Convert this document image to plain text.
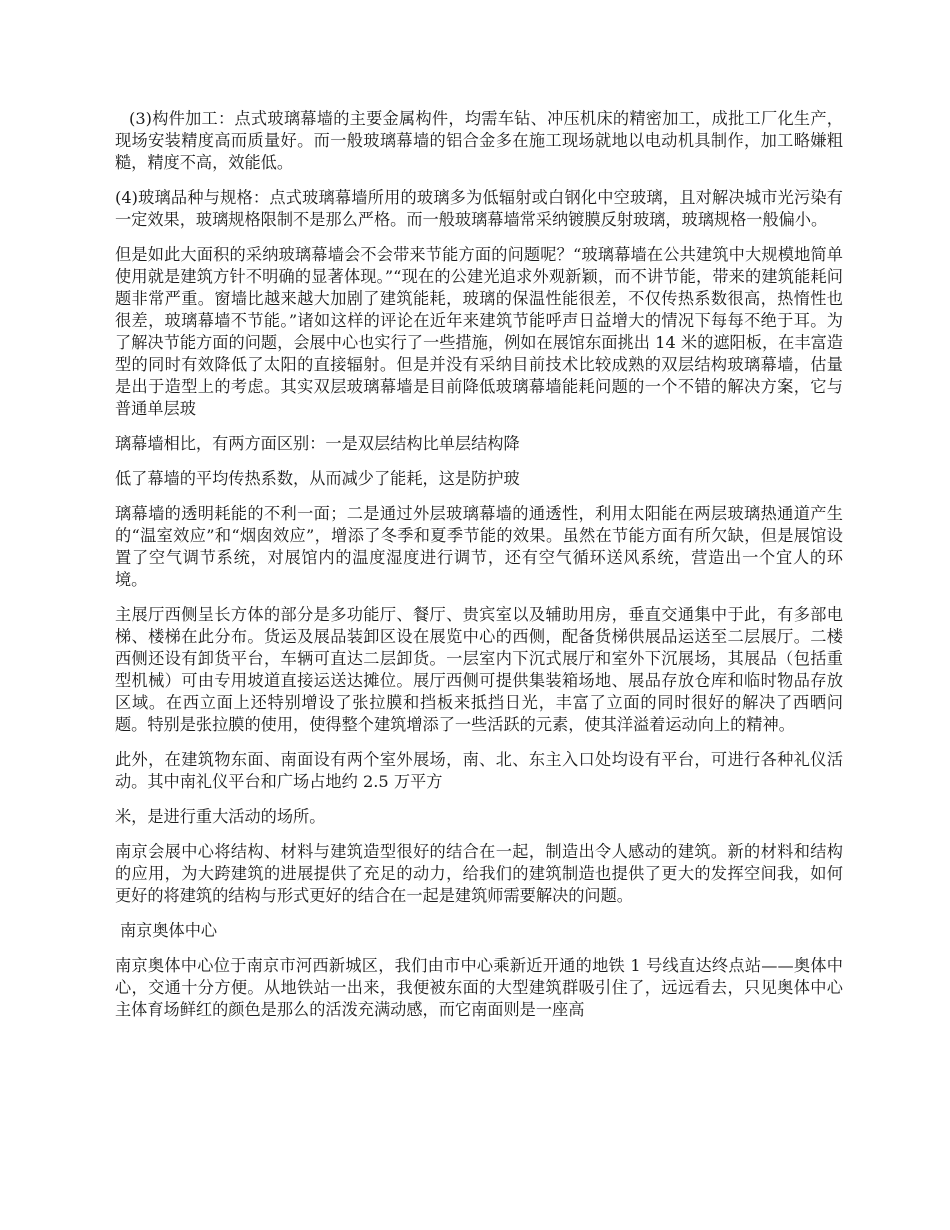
(3)构件加工：点式玻璃幕墙的主要金属构件，均需车钻、冲压机床的精密加工，成批工厂化生产，现场安装精度高而质量好。而一般玻璃幕墙的铝合金多在施工现场就地以电动机具制作，加工略嫌粗糙，精度不高，效能低。

(4)玻璃品种与规格：点式玻璃幕墙所用的玻璃多为低辐射或白钢化中空玻璃，且对解决城市光污染有一定效果，玻璃规格限制不是那么严格。而一般玻璃幕墙常采纳镀膜反射玻璃，玻璃规格一般偏小。

但是如此大面积的采纳玻璃幕墙会不会带来节能方面的问题呢？“玻璃幕墙在公共建筑中大规模地简单使用就是建筑方针不明确的显著体现。”“现在的公建光追求外观新颖，而不讲节能，带来的建筑能耗问题非常严重。窗墙比越来越大加剧了建筑能耗，玻璃的保温性能很差，不仅传热系数很高，热惰性也很差，玻璃幕墙不节能。”诸如这样的评论在近年来建筑节能呼声日益增大的情况下每每不绝于耳。为了解决节能方面的问题，会展中心也实行了一些措施，例如在展馆东面挑出 14 米的遮阳板，在丰富造型的同时有效降低了太阳的直接辐射。但是并没有采纳目前技术比较成熟的双层结构玻璃幕墙，估量是出于造型上的考虑。其实双层玻璃幕墙是目前降低玻璃幕墙能耗问题的一个不错的解决方案，它与普通单层玻

璃幕墙相比，有两方面区别：一是双层结构比单层结构降

低了幕墙的平均传热系数，从而减少了能耗，这是防护玻

璃幕墙的透明耗能的不利一面；二是通过外层玻璃幕墙的通透性，利用太阳能在两层玻璃热通道产生的“温室效应”和“烟囱效应”，增添了冬季和夏季节能的效果。虽然在节能方面有所欠缺，但是展馆设置了空气调节系统，对展馆内的温度湿度进行调节，还有空气循环送风系统，营造出一个宜人的环境。

主展厅西侧呈长方体的部分是多功能厅、餐厅、贵宾室以及辅助用房，垂直交通集中于此，有多部电梯、楼梯在此分布。货运及展品装卸区设在展览中心的西侧，配备货梯供展品运送至二层展厅。二楼西侧还设有卸货平台，车辆可直达二层卸货。一层室内下沉式展厅和室外下沉展场，其展品（包括重型机械）可由专用坡道直接运送达摊位。展厅西侧可提供集装箱场地、展品存放仓库和临时物品存放区域。在西立面上还特别增设了张拉膜和挡板来抵挡日光，丰富了立面的同时很好的解决了西晒问题。特别是张拉膜的使用，使得整个建筑增添了一些活跃的元素，使其洋溢着运动向上的精神。

此外，在建筑物东面、南面设有两个室外展场，南、北、东主入口处均设有平台，可进行各种礼仪活动。其中南礼仪平台和广场占地约 2.5 万平方

米，是进行重大活动的场所。

南京会展中心将结构、材料与建筑造型很好的结合在一起，制造出令人感动的建筑。新的材料和结构的应用，为大跨建筑的进展提供了充足的动力，给我们的建筑制造也提供了更大的发挥空间我，如何更好的将建筑的结构与形式更好的结合在一起是建筑师需要解决的问题。

南京奥体中心

南京奥体中心位于南京市河西新城区，我们由市中心乘新近开通的地铁 1 号线直达终点站——奥体中心，交通十分方便。从地铁站一出来，我便被东面的大型建筑群吸引住了，远远看去，只见奥体中心主体育场鲜红的颜色是那么的活泼充满动感，而它南面则是一座高
